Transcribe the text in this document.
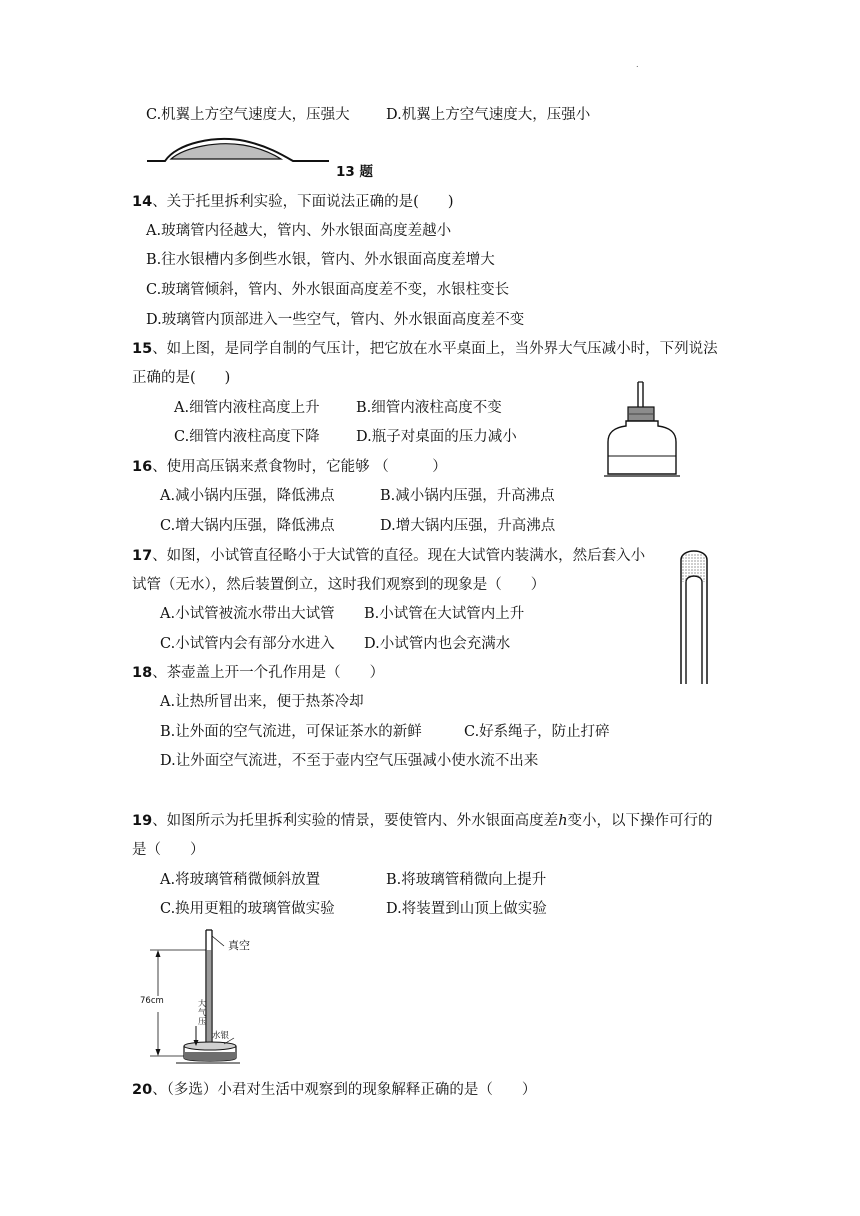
.
C.机翼上方空气速度大，压强大	D.机翼上方空气速度大，压强小
13 题
14、关于托里拆利实验，下面说法正确的是(　　)
A.玻璃管内径越大，管内、外水银面高度差越小
B.往水银槽内多倒些水银，管内、外水银面高度差增大
C.玻璃管倾斜，管内、外水银面高度差不变，水银柱变长
D.玻璃管内顶部进入一些空气，管内、外水银面高度差不变
15、如上图，是同学自制的气压计，把它放在水平桌面上，当外界大气压减小时，下列说法
正确的是(　　)
A.细管内液柱高度上升	B.细管内液柱高度不变
C.细管内液柱高度下降	D.瓶子对桌面的压力减小
16、使用高压锅来煮食物时，它能够 （　　　）
A.减小锅内压强，降低沸点	B.减小锅内压强，升高沸点
C.增大锅内压强，降低沸点	D.增大锅内压强，升高沸点
17、如图，小试管直径略小于大试管的直径。现在大试管内装满水，然后套入小
试管（无水），然后装置倒立，这时我们观察到的现象是（　　）
A.小试管被流水带出大试管 B.小试管在大试管内上升
C.小试管内会有部分水进入 D.小试管内也会充满水
18、茶壶盖上开一个孔作用是（　　）
A.让热所冒出来，便于热茶冷却
B.让外面的空气流进，可保证茶水的新鲜	C.好系绳子，防止打碎
D.让外面空气流进，不至于壶内空气压强减小使水流不出来
19、如图所示为托里拆利实验的情景，要使管内、外水银面高度差h变小，以下操作可行的
是（　　）
A.将玻璃管稍微倾斜放置	B.将玻璃管稍微向上提升
C.换用更粗的玻璃管做实验	D.将装置到山顶上做实验
真空
76cm	大气压
水银
20、（多选）小君对生活中观察到的现象解释正确的是（　　）
